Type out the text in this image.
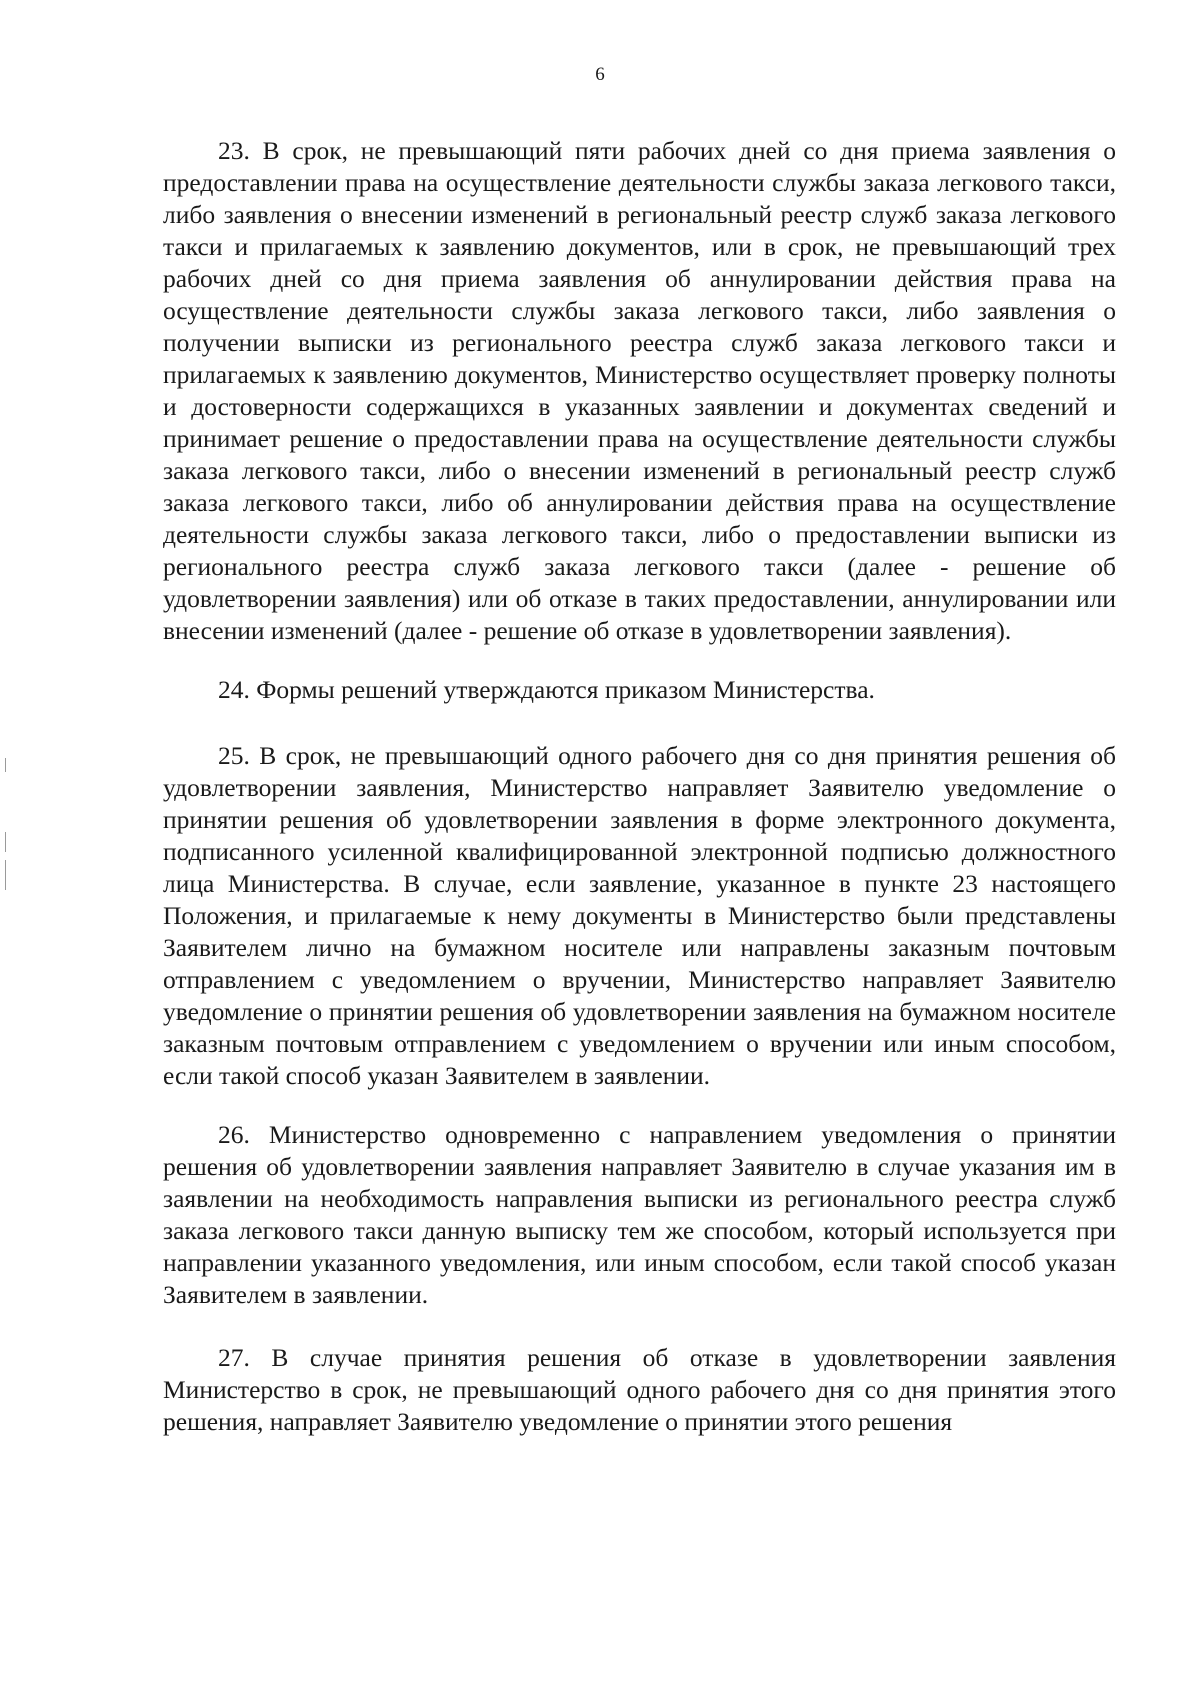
6

23. В срок, не превышающий пяти рабочих дней со дня приема заявления о предоставлении права на осуществление деятельности службы заказа легкового такси, либо заявления о внесении изменений в региональный реестр служб заказа легкового такси и прилагаемых к заявлению документов, или в срок, не превышающий трех рабочих дней со дня приема заявления об аннулировании действия права на осуществление деятельности службы заказа легкового такси, либо заявления о получении выписки из регионального реестра служб заказа легкового такси и прилагаемых к заявлению документов, Министерство осуществляет проверку полноты и достоверности содержащихся в указанных заявлении и документах сведений и принимает решение о предоставлении права на осуществление деятельности службы заказа легкового такси, либо о внесении изменений в региональный реестр служб заказа легкового такси, либо об аннулировании действия права на осуществление деятельности службы заказа легкового такси, либо о предоставлении выписки из регионального реестра служб заказа легкового такси (далее - решение об удовлетворении заявления) или об отказе в таких предоставлении, аннулировании или внесении изменений (далее - решение об отказе в удовлетворении заявления).

24. Формы решений утверждаются приказом Министерства.

25. В срок, не превышающий одного рабочего дня со дня принятия решения об удовлетворении заявления, Министерство направляет Заявителю уведомление о принятии решения об удовлетворении заявления в форме электронного документа, подписанного усиленной квалифицированной электронной подписью должностного лица Министерства. В случае, если заявление, указанное в пункте 23 настоящего Положения, и прилагаемые к нему документы в Министерство были представлены Заявителем лично на бумажном носителе или направлены заказным почтовым отправлением с уведомлением о вручении, Министерство направляет Заявителю уведомление о принятии решения об удовлетворении заявления на бумажном носителе заказным почтовым отправлением с уведомлением о вручении или иным способом, если такой способ указан Заявителем в заявлении.

26. Министерство одновременно с направлением уведомления о принятии решения об удовлетворении заявления направляет Заявителю в случае указания им в заявлении на необходимость направления выписки из регионального реестра служб заказа легкового такси данную выписку тем же способом, который используется при направлении указанного уведомления, или иным способом, если такой способ указан Заявителем в заявлении.

27. В случае принятия решения об отказе в удовлетворении заявления Министерство в срок, не превышающий одного рабочего дня со дня принятия этого решения, направляет Заявителю уведомление о принятии этого решения
